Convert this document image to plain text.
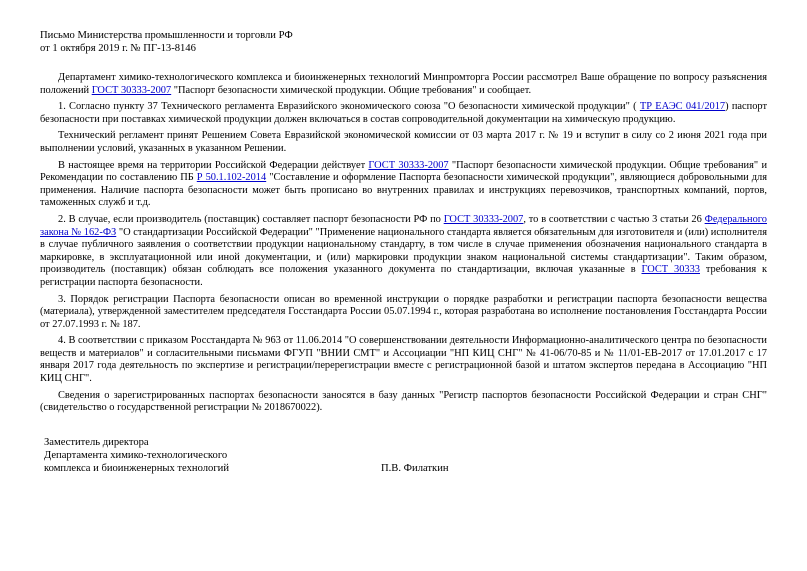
Письмо Министерства промышленности и торговли РФ
от 1 октября 2019 г. № ПГ-13-8146

Департамент химико-технологического комплекса и биоинженерных технологий Минпромторга России рассмотрел Ваше обращение по вопросу разъяснения положений ГОСТ 30333-2007 "Паспорт безопасности химической продукции. Общие требования" и сообщает.

1. Согласно пункту 37 Технического регламента Евразийского экономического союза "О безопасности химической продукции" ( ТР ЕАЭС 041/2017) паспорт безопасности при поставках химической продукции должен включаться в состав сопроводительной документации на химическую продукцию.

Технический регламент принят Решением Совета Евразийской экономической комиссии от 03 марта 2017 г. № 19 и вступит в силу со 2 июня 2021 года при выполнении условий, указанных в указанном Решении.

В настоящее время на территории Российской Федерации действует ГОСТ 30333-2007 "Паспорт безопасности химической продукции. Общие требования" и Рекомендации по составлению ПБ Р 50.1.102-2014 "Составление и оформление Паспорта безопасности химической продукции", являющиеся добровольными для применения. Наличие паспорта безопасности может быть прописано во внутренних правилах и инструкциях перевозчиков, транспортных компаний, портов, таможенных служб и т.д.

2. В случае, если производитель (поставщик) составляет паспорт безопасности РФ по ГОСТ 30333-2007, то в соответствии с частью 3 статьи 26 Федерального закона № 162-ФЗ "О стандартизации Российской Федерации" "Применение национального стандарта является обязательным для изготовителя и (или) исполнителя в случае публичного заявления о соответствии продукции национальному стандарту, в том числе в случае применения обозначения национального стандарта в маркировке, в эксплуатационной или иной документации, и (или) маркировки продукции знаком национальной системы стандартизации". Таким образом, производитель (поставщик) обязан соблюдать все положения указанного документа по стандартизации, включая указанные в ГОСТ 30333 требования к регистрации паспорта безопасности.

3. Порядок регистрации Паспорта безопасности описан во временной инструкции о порядке разработки и регистрации паспорта безопасности вещества (материала), утвержденной заместителем председателя Госстандарта России 05.07.1994 г., которая разработана во исполнение постановления Госстандарта России от 27.07.1993 г. № 187.

4. В соответствии с приказом Росстандарта № 963 от 11.06.2014 "О совершенствовании деятельности Информационно-аналитического центра по безопасности веществ и материалов" и согласительными письмами ФГУП "ВНИИ СМТ" и Ассоциации "НП КИЦ СНГ" № 41-06/70-85 и № 11/01-ЕВ-2017 от 17.01.2017 с 17 января 2017 года деятельность по экспертизе и регистрации/перерегистрации вместе с регистрационной базой и штатом экспертов передана в Ассоциацию "НП КИЦ СНГ".

Сведения о зарегистрированных паспортах безопасности заносятся в базу данных "Регистр паспортов безопасности Российской Федерации и стран СНГ" (свидетельство о государственной регистрации № 2018670022).

Заместитель директора
Департамента химико-технологического
комплекса и биоинженерных технологий	П.В. Филаткин
